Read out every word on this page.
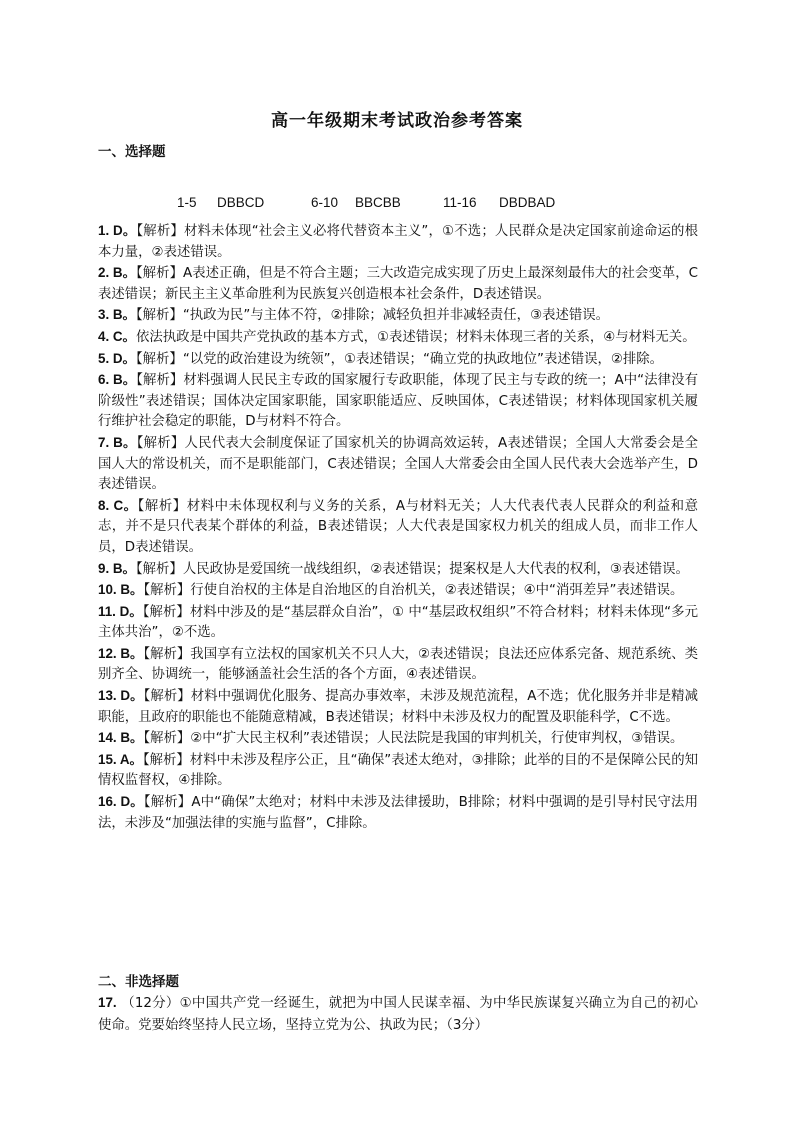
高一年级期末考试政治参考答案
一、选择题

1-5 DBBCD	6-10 BBCBB	11-16 DBDBAD

1. D。【解析】材料未体现“社会主义必将代替资本主义”，①不选；人民群众是决定国家前途命运的根本力量，②表述错误。

2. B。【解析】A表述正确，但是不符合主题；三大改造完成实现了历史上最深刻最伟大的社会变革，C表述错误；新民主主义革命胜利为民族复兴创造根本社会条件，D表述错误。

3. B。【解析】“执政为民”与主体不符，②排除；减轻负担并非减轻责任，③表述错误。

4. C。依法执政是中国共产党执政的基本方式，①表述错误；材料未体现三者的关系，④与材料无关。

5. D。【解析】“以党的政治建设为统领”，①表述错误；“确立党的执政地位”表述错误，②排除。

6. B。【解析】材料强调人民民主专政的国家履行专政职能，体现了民主与专政的统一；A中“法律没有阶级性”表述错误；国体决定国家职能，国家职能适应、反映国体，C表述错误；材料体现国家机关履行维护社会稳定的职能，D与材料不符合。

7. B。【解析】人民代表大会制度保证了国家机关的协调高效运转，A表述错误；全国人大常委会是全国人大的常设机关，而不是职能部门，C表述错误；全国人大常委会由全国人民代表大会选举产生，D表述错误。

8. C。【解析】材料中未体现权利与义务的关系，A与材料无关；人大代表代表人民群众的利益和意志，并不是只代表某个群体的利益，B表述错误；人大代表是国家权力机关的组成人员，而非工作人员，D表述错误。

9. B。【解析】人民政协是爱国统一战线组织，②表述错误；提案权是人大代表的权利，③表述错误。

10. B。【解析】行使自治权的主体是自治地区的自治机关，②表述错误；④中“消弭差异”表述错误。

11. D。【解析】材料中涉及的是“基层群众自治”，① 中“基层政权组织”不符合材料；材料未体现“多元主体共治”，②不选。

12. B。【解析】我国享有立法权的国家机关不只人大，②表述错误；良法还应体系完备、规范系统、类别齐全、协调统一，能够涵盖社会生活的各个方面，④表述错误。

13. D。【解析】材料中强调优化服务、提高办事效率，未涉及规范流程，A不选；优化服务并非是精减职能，且政府的职能也不能随意精减，B表述错误；材料中未涉及权力的配置及职能科学，C不选。

14. B。【解析】②中“扩大民主权利”表述错误；人民法院是我国的审判机关，行使审判权，③错误。

15. A。【解析】材料中未涉及程序公正，且“确保”表述太绝对，③排除；此举的目的不是保障公民的知情权监督权，④排除。

16. D。【解析】A中“确保”太绝对；材料中未涉及法律援助，B排除；材料中强调的是引导村民守法用法，未涉及“加强法律的实施与监督”，C排除。

二、非选择题
17. （12分）①中国共产党一经诞生，就把为中国人民谋幸福、为中华民族谋复兴确立为自己的初心使命。党要始终坚持人民立场，坚持立党为公、执政为民；（3分）
